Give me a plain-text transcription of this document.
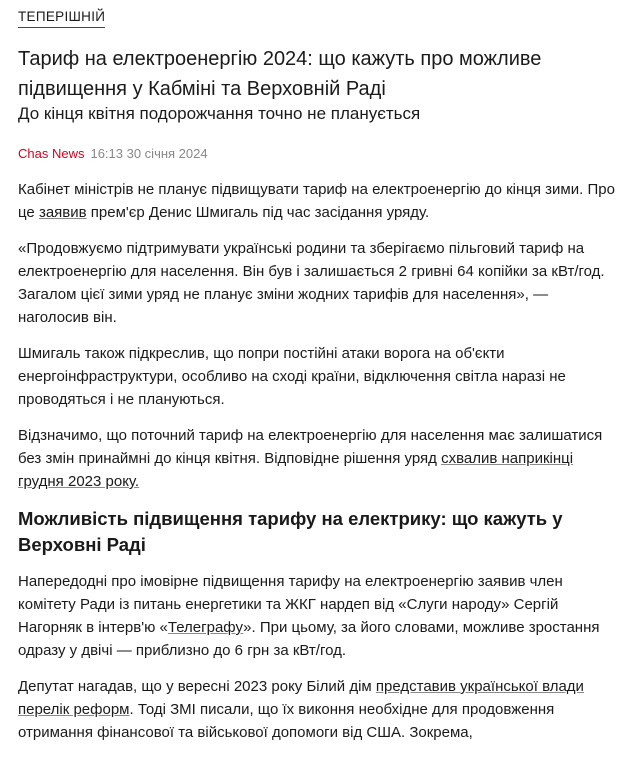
ТЕПЕРІШНІЙ
Тариф на електроенергію 2024: що кажуть про можливе підвищення у Кабміні та Верховній Раді
До кінця квітня подорожчання точно не планується
Chas News 16:13 30 січня 2024

Кабінет міністрів не планує підвищувати тариф на електроенергію до кінця зими. Про це заявив прем'єр Денис Шмигаль під час засідання уряду.

«Продовжуємо підтримувати українські родини та зберігаємо пільговий тариф на електроенергію для населення. Він був і залишається 2 гривні 64 копійки за кВт/год. Загалом цієї зими уряд не планує зміни жодних тарифів для населення», — наголосив він.

Шмигаль також підкреслив, що попри постійні атаки ворога на об'єкти енергоінфраструктури, особливо на сході країни, відключення світла наразі не проводяться і не плануються.

Відзначимо, що поточний тариф на електроенергію для населення має залишатися без змін принаймні до кінця квітня. Відповідне рішення уряд схвалив наприкінці грудня 2023 року.

Можливість підвищення тарифу на електрику: що кажуть у Верховні Раді

Напередодні про імовірне підвищення тарифу на електроенергію заявив член комітету Ради із питань енергетики та ЖКГ нардеп від «Слуги народу» Сергій Нагорняк в інтерв'ю «Телеграфу». При цьому, за його словами, можливе зростання одразу у двічі — приблизно до 6 грн за кВт/год.

Депутат нагадав, що у вересні 2023 року Білий дім представив української влади перелік реформ. Тоді ЗМІ писали, що їх виконня необхідне для продовження отримання фінансової та військової допомоги від США. Зокрема,
